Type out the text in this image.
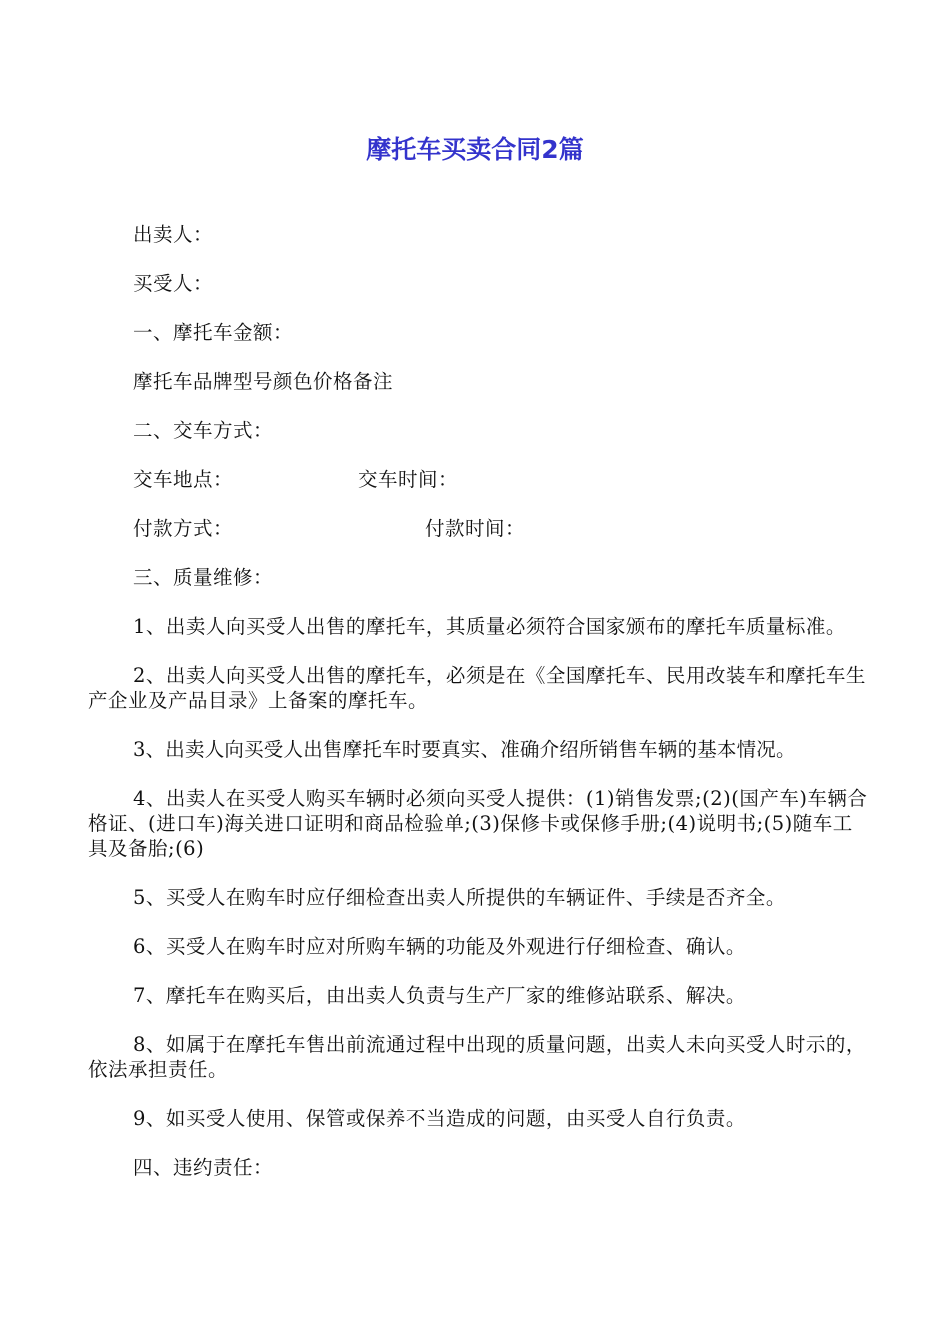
摩托车买卖合同2篇

出卖人：

买受人：

一、摩托车金额：

摩托车品牌型号颜色价格备注

二、交车方式：

交车地点：	交车时间：

付款方式：	付款时间：

三、质量维修：

1、出卖人向买受人出售的摩托车，其质量必须符合国家颁布的摩托车质量标准。

2、出卖人向买受人出售的摩托车，必须是在《全国摩托车、民用改装车和摩托车生产企业及产品目录》上备案的摩托车。

3、出卖人向买受人出售摩托车时要真实、准确介绍所销售车辆的基本情况。

4、出卖人在买受人购买车辆时必须向买受人提供：(1)销售发票;(2)(国产车)车辆合格证、(进口车)海关进口证明和商品检验单;(3)保修卡或保修手册;(4)说明书;(5)随车工具及备胎;(6)

5、买受人在购车时应仔细检查出卖人所提供的车辆证件、手续是否齐全。

6、买受人在购车时应对所购车辆的功能及外观进行仔细检查、确认。

7、摩托车在购买后，由出卖人负责与生产厂家的维修站联系、解决。

8、如属于在摩托车售出前流通过程中出现的质量问题，出卖人未向买受人时示的，依法承担责任。

9、如买受人使用、保管或保养不当造成的问题，由买受人自行负责。

四、违约责任：
